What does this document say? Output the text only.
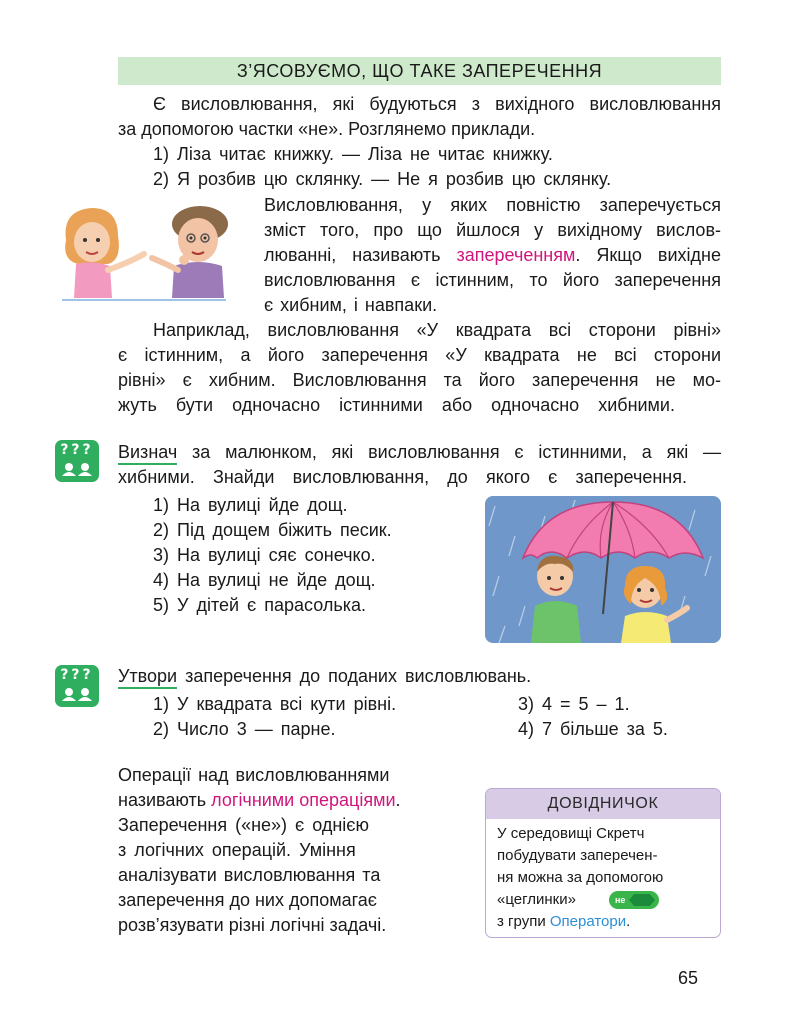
З’ЯСОВУЄМО, ЩО ТАКЕ ЗАПЕРЕЧЕННЯ
Є висловлювання, які будуються з вихідного висловлювання
за допомогою частки «не». Розглянемо приклади.
1) Ліза читає книжку. — Ліза не читає книжку.
2) Я розбив цю склянку. — Не я розбив цю склянку.
Висловлювання, у яких повністю заперечується
зміст того, про що йшлося у вихідному вислов-
люванні, називають запереченням. Якщо вихідне
висловлювання є істинним, то його заперечення
є хибним, і навпаки.
Наприклад, висловлювання «У квадрата всі сторони рівні»
є істинним, а його заперечення «У квадрата не всі сторони
рівні» є хибним. Висловлювання та його заперечення не мо-
жуть бути одночасно істинними або одночасно хибними.
??? Визнач за малюнком, які висловлювання є істинними, а які —
хибними. Знайди висловлювання, до якого є заперечення.
1) На вулиці йде дощ.
2) Під дощем біжить песик.
3) На вулиці сяє сонечко.
4) На вулиці не йде дощ.
5) У дітей є парасолька.
??? Утвори заперечення до поданих висловлювань.
1) У квадрата всі кути рівні.
2) Число 3 — парне.
3) 4 = 5 – 1.
4) 7 більше за 5.
Операції над висловлюваннями
називають логічними операціями.
Заперечення («не») є однією
з логічних операцій. Уміння
аналізувати висловлювання та
заперечення до них допомагає
розв’язувати різні логічні задачі.
ДОВІДНИЧОК
У середовищі Скретч
побудувати заперечен-
ня можна за допомогою
«цеглинки»	не
з групи Оператори.
65
